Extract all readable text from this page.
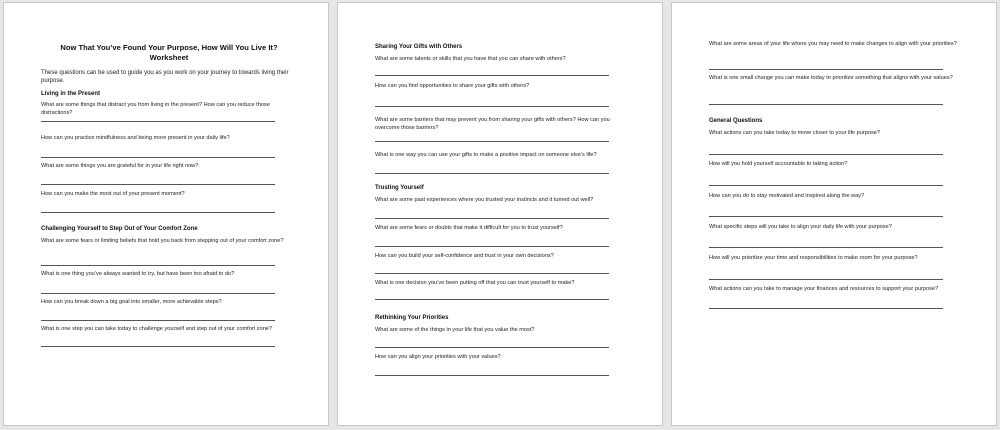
Now That You’ve Found Your Purpose, How Will You Live It?
Worksheet

These questions can be used to guide you as you work on your journey to towards living their purpose.

Living in the Present

What are some things that distract you from living in the present? How can you reduce those distractions?

How can you practice mindfulness and being more present in your daily life?

What are some things you are grateful for in your life right now?

How can you make the most out of your present moment?

Challenging Yourself to Step Out of Your Comfort Zone

What are some fears or limiting beliefs that hold you back from stepping out of your comfort zone?

What is one thing you’ve always wanted to try, but have been too afraid to do?

How can you break down a big goal into smaller, more achievable steps?

What is one step you can take today to challenge yourself and step out of your comfort zone?

Sharing Your Gifts with Others

What are some talents or skills that you have that you can share with others?

How can you find opportunities to share your gifts with others?

What are some barriers that may prevent you from sharing your gifts with others? How can you overcome those barriers?

What is one way you can use your gifts to make a positive impact on someone else’s life?

Trusting Yourself

What are some past experiences where you trusted your instincts and it turned out well?

What are some fears or doubts that make it difficult for you to trust yourself?

How can you build your self-confidence and trust in your own decisions?

What is one decision you’ve been putting off that you can trust yourself to make?

Rethinking Your Priorities

What are some of the things in your life that you value the most?

How can you align your priorities with your values?

What are some areas of your life where you may need to make changes to align with your priorities?

What is one small change you can make today to prioritize something that aligns with your values?

General Questions

What actions can you take today to move closer to your life purpose?

How will you hold yourself accountable to taking action?

How can you do to stay motivated and inspired along the way?

What specific steps will you take to align your daily life with your purpose?

How will you prioritize your time and responsibilities to make room for your purpose?

What actions can you take to manage your finances and resources to support your purpose?
